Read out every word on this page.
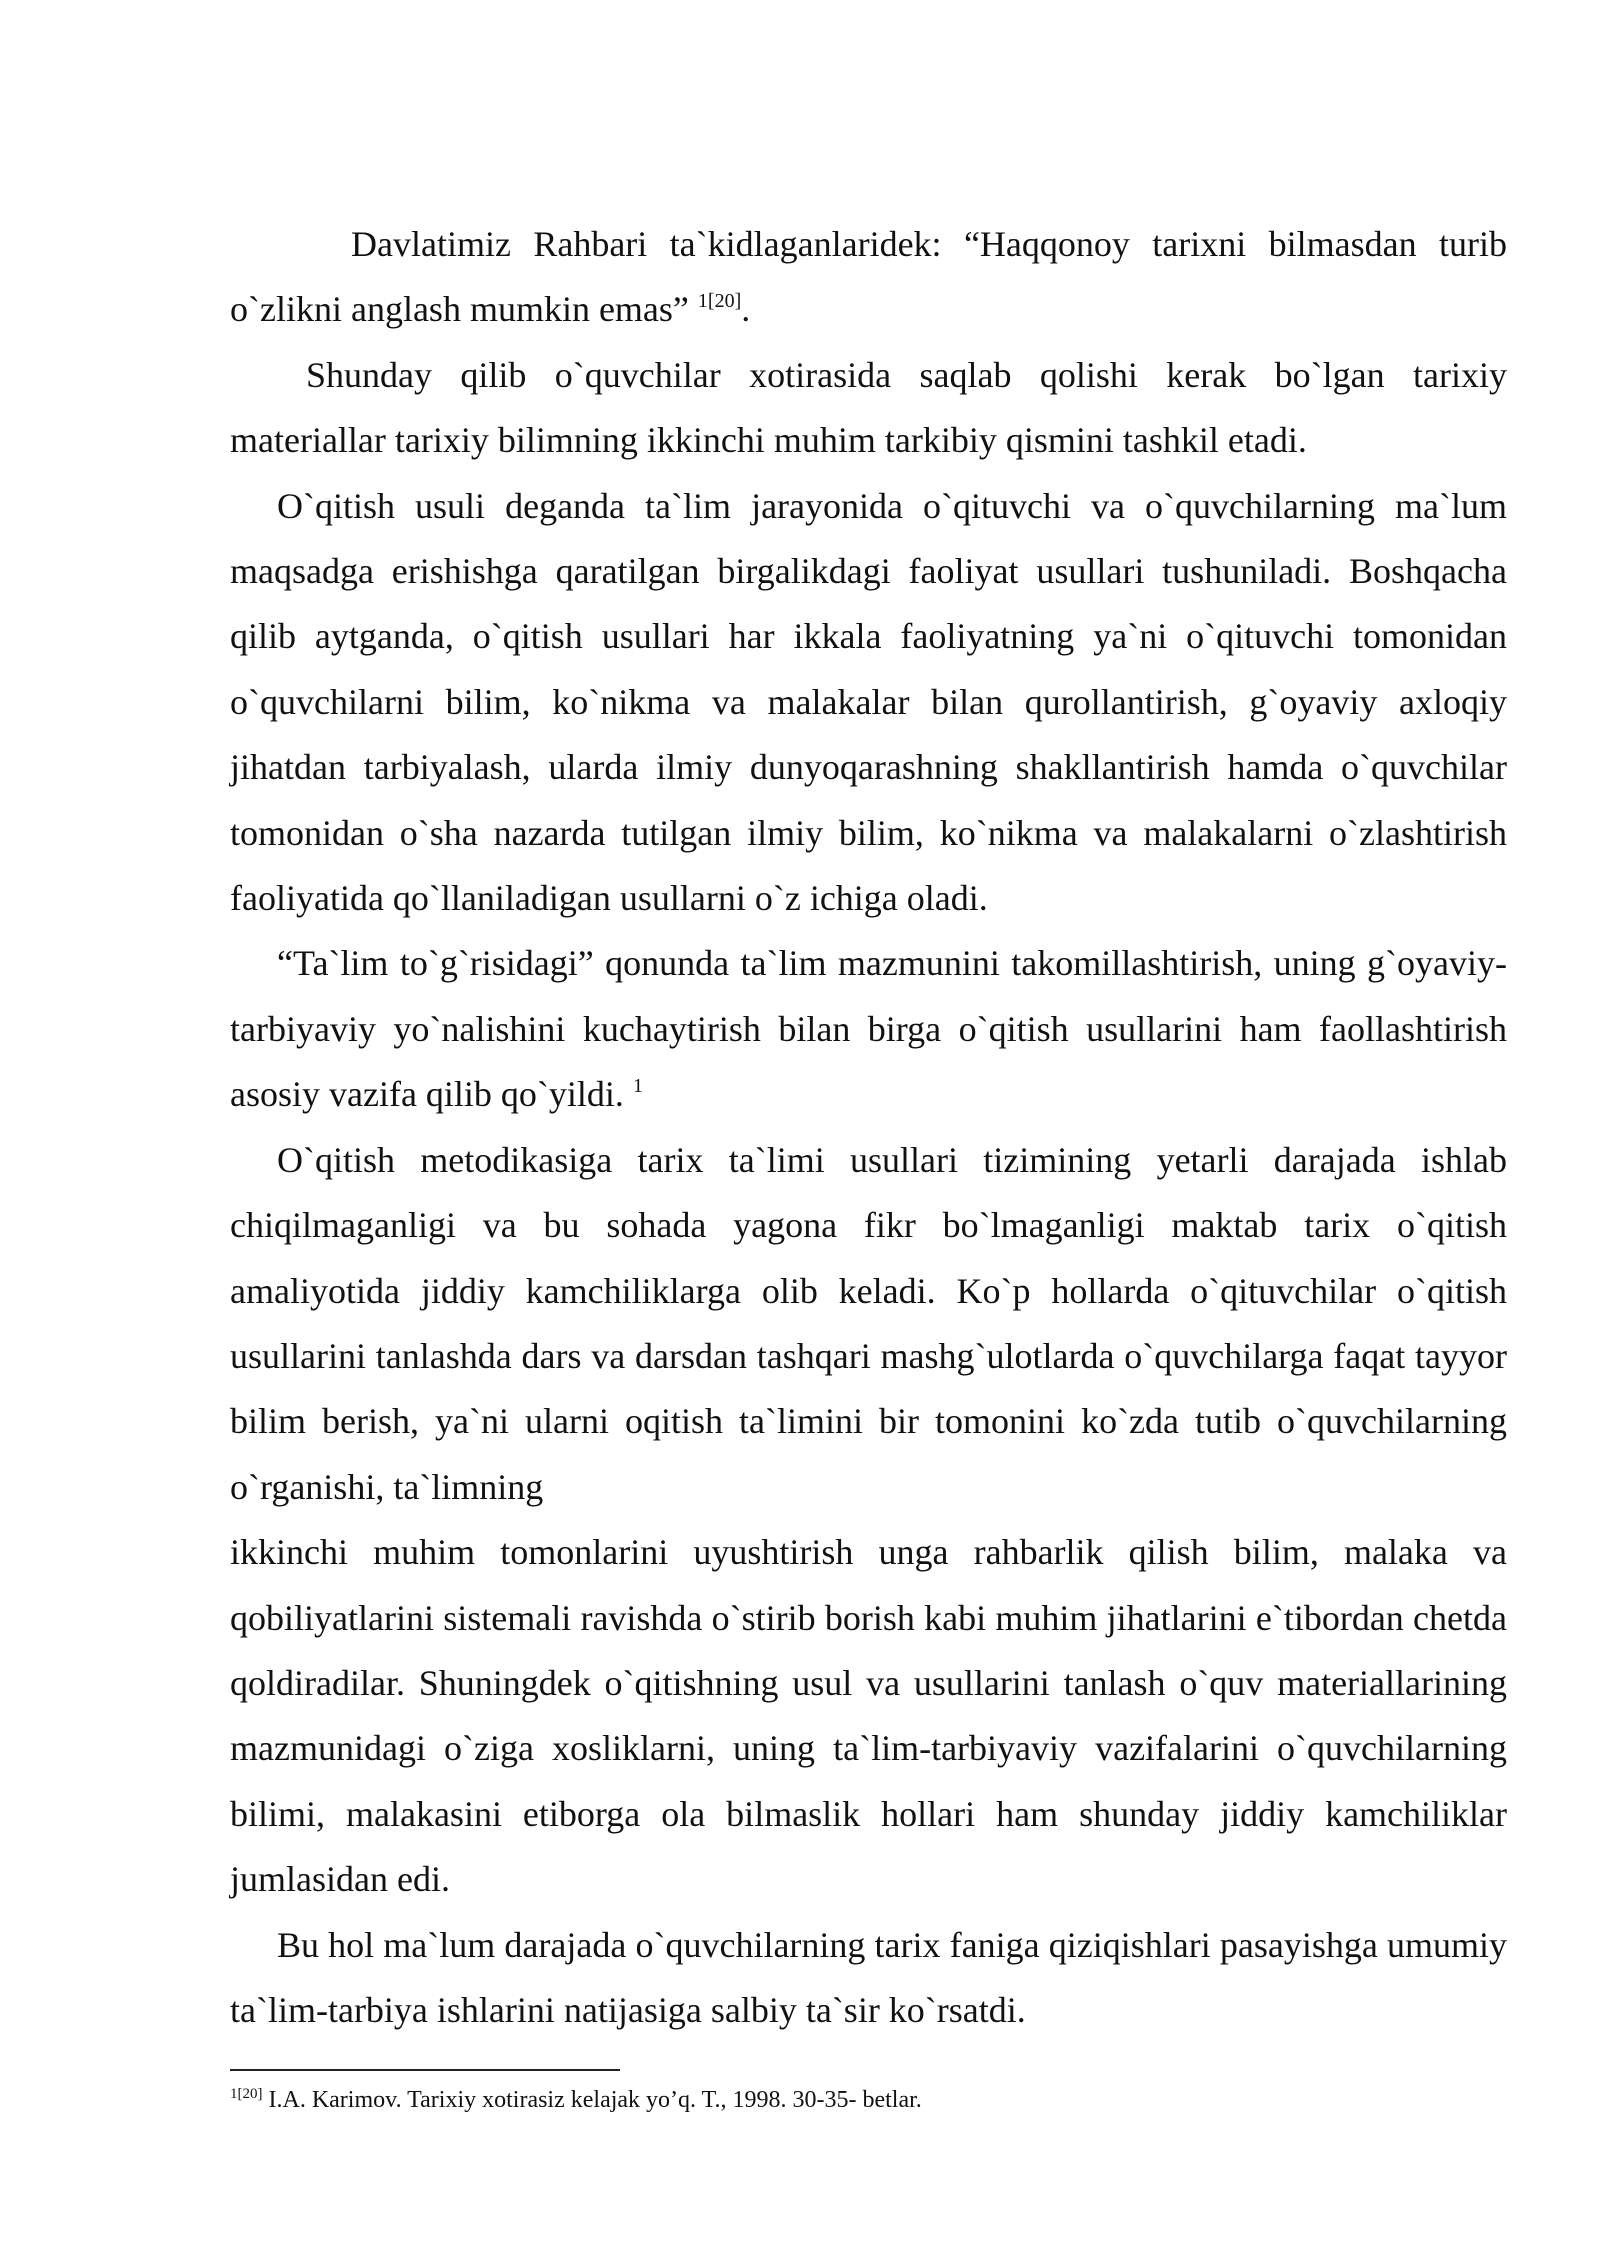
Davlatimiz Rahbari ta`kidlaganlaridek: “Haqqonoy tarixni bilmasdan turib o`zlikni anglash mumkin emas” $^{1[20]}$.

Shunday qilib o`quvchilar xotirasida saqlab qolishi kerak bo`lgan tarixiy materiallar tarixiy bilimning ikkinchi muhim tarkibiy qismini tashkil etadi.

O`qitish usuli deganda ta`lim jarayonida o`qituvchi va o`quvchilarning ma`lum maqsadga erishishga qaratilgan birgalikdagi faoliyat usullari tushuniladi. Boshqacha qilib aytganda, o`qitish usullari har ikkala faoliyatning ya`ni o`qituvchi tomonidan o`quvchilarni bilim, ko`nikma va malakalar bilan qurollantirish, g`oyaviy axloqiy jihatdan tarbiyalash, ularda ilmiy dunyoqarashning shakllantirish hamda o`quvchilar tomonidan o`sha nazarda tutilgan ilmiy bilim, ko`nikma va malakalarni o`zlashtirish faoliyatida qo`llaniladigan usullarni o`z ichiga oladi.

“Ta`lim to`g`risidagi” qonunda ta`lim mazmunini takomillashtirish, uning g`oyaviy-tarbiyaviy yo`nalishini kuchaytirish bilan birga o`qitish usullarini ham faollashtirish asosiy vazifa qilib qo`yildi. $^1$

O`qitish metodikasiga tarix ta`limi usullari tizimining yetarli darajada ishlab chiqilmaganligi va bu sohada yagona fikr bo`lmaganligi maktab tarix o`qitish amaliyotida jiddiy kamchiliklarga olib keladi. Ko`p hollarda o`qituvchilar o`qitish usullarini tanlashda dars va darsdan tashqari mashg`ulotlarda o`quvchilarga faqat tayyor bilim berish, ya`ni ularni oqitish ta`limini bir tomonini ko`zda tutib o`quvchilarning o`rganishi, ta`limning

ikkinchi muhim tomonlarini uyushtirish unga rahbarlik qilish bilim, malaka va qobiliyatlarini sistemali ravishda o`stirib borish kabi muhim jihatlarini e`tibordan chetda qoldiradilar. Shuningdek o`qitishning usul va usullarini tanlash o`quv materiallarining mazmunidagi o`ziga xosliklarni, uning ta`lim-tarbiyaviy vazifalarini o`quvchilarning bilimi, malakasini etiborga ola bilmaslik hollari ham shunday jiddiy kamchiliklar jumlasidan edi.

Bu hol ma`lum darajada o`quvchilarning tarix faniga qiziqishlari pasayishga umumiy ta`lim-tarbiya ishlarini natijasiga salbiy ta`sir ko`rsatdi.

$^{1[20]}$ I.A. Karimov. Tarixiy xotirasiz kelajak yo’q. T., 1998. 30-35- betlar.
